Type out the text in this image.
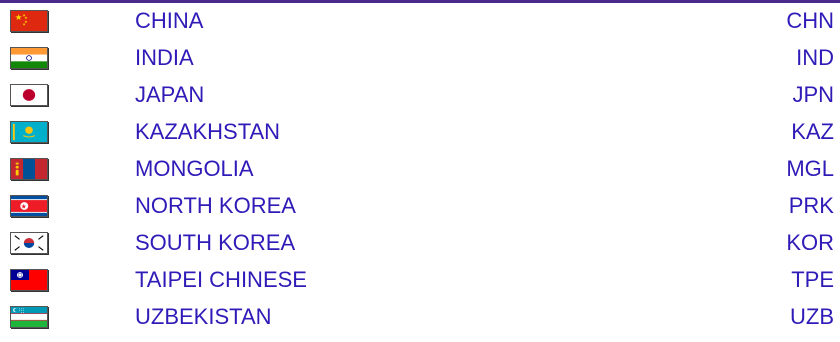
★ ★
★
★
★	CHINA	CHN
INDIA	IND
JAPAN	JPN
KAZAKHSTAN	KAZ
MONGOLIA	MGL
★	NORTH KOREA	PRK
SOUTH KOREA	KOR
TAIPEI CHINESE	TPE
UZBEKISTAN	UZB
